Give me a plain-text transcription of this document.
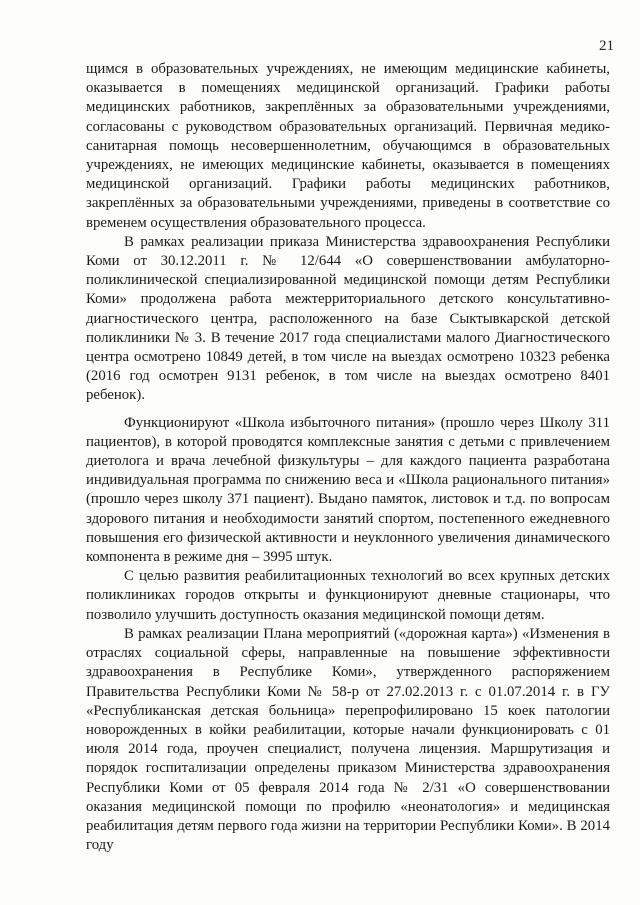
21

щимся в образовательных учреждениях, не имеющим медицинские кабинеты, оказывается в помещениях медицинской организаций. Графики работы медицинских работников, закреплённых за образовательными учреждениями, согласованы с руководством образовательных организаций. Первичная медико-санитарная помощь несовершеннолетним, обучающимся в образовательных учреждениях, не имеющих медицинские кабинеты, оказывается в помещениях медицинской организаций. Графики работы медицинских работников, закреплённых за образовательными учреждениями, приведены в соответствие со временем осуществления образовательного процесса.

В рамках реализации приказа Министерства здравоохранения Республики Коми от 30.12.2011 г. № 12/644 «О совершенствовании амбулаторно-поликлинической специализированной медицинской помощи детям Республики Коми» продолжена работа межтерриториального детского консультативно-диагностического центра, расположенного на базе Сыктывкарской детской поликлиники № 3. В течение 2017 года специалистами малого Диагностического центра осмотрено 10849 детей, в том числе на выездах осмотрено 10323 ребенка (2016 год осмотрен 9131 ребенок, в том числе на выездах осмотрено 8401 ребенок).

Функционируют «Школа избыточного питания» (прошло через Школу 311 пациентов), в которой проводятся комплексные занятия с детьми с привлечением диетолога и врача лечебной физкультуры – для каждого пациента разработана индивидуальная программа по снижению веса и «Школа рационального питания» (прошло через школу 371 пациент). Выдано памяток, листовок и т.д. по вопросам здорового питания и необходимости занятий спортом, постепенного ежедневного повышения его физической активности и неуклонного увеличения динамического компонента в режиме дня – 3995 штук.

С целью развития реабилитационных технологий во всех крупных детских поликлиниках городов открыты и функционируют дневные стационары, что позволило улучшить доступность оказания медицинской помощи детям.

В рамках реализации Плана мероприятий («дорожная карта») «Изменения в отраслях социальной сферы, направленные на повышение эффективности здравоохранения в Республике Коми», утвержденного распоряжением Правительства Республики Коми № 58-р от 27.02.2013 г. с 01.07.2014 г. в ГУ «Республиканская детская больница» перепрофилировано 15 коек патологии новорожденных в койки реабилитации, которые начали функционировать с 01 июля 2014 года, проучен специалист, получена лицензия. Маршрутизация и порядок госпитализации определены приказом Министерства здравоохранения Республики Коми от 05 февраля 2014 года № 2/31 «О совершенствовании оказания медицинской помощи по профилю «неонатология» и медицинская реабилитация детям первого года жизни на территории Республики Коми». В 2014 году
